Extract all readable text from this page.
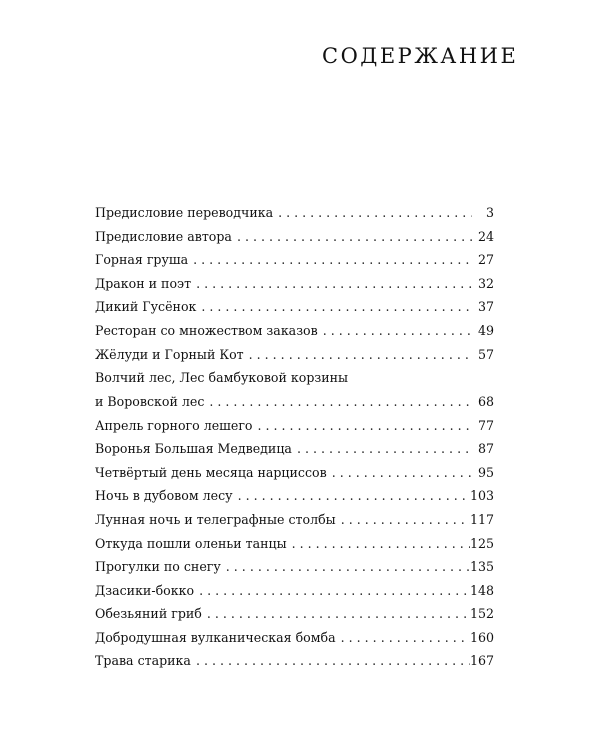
СОДЕРЖАНИЕ
Предисловие переводчика . . .	3
Предисловие автора . . .	24
Горная груша . . .	27
Дракон и поэт . . .	32
Дикий Гусёнок . . .	37
Ресторан со множеством заказов . . .	49
Жёлуди и Горный Кот . . .	57
Волчий лес, Лес бамбуковой корзины
и Воровской лес . . .	68
Апрель горного лешего . . .	77
Воронья Большая Медведица . . .	87
Четвёртый день месяца нарциссов . . .	95
Ночь в дубовом лесу . . .	103
Лунная ночь и телеграфные столбы . . .	117
Откуда пошли оленьи танцы . . .	125
Прогулки по снегу . . .	135
Дзасики-бокко . . .	148
Обезьяний гриб . . .	152
Добродушная вулканическая бомба . . .	160
Трава старика . . .	167
